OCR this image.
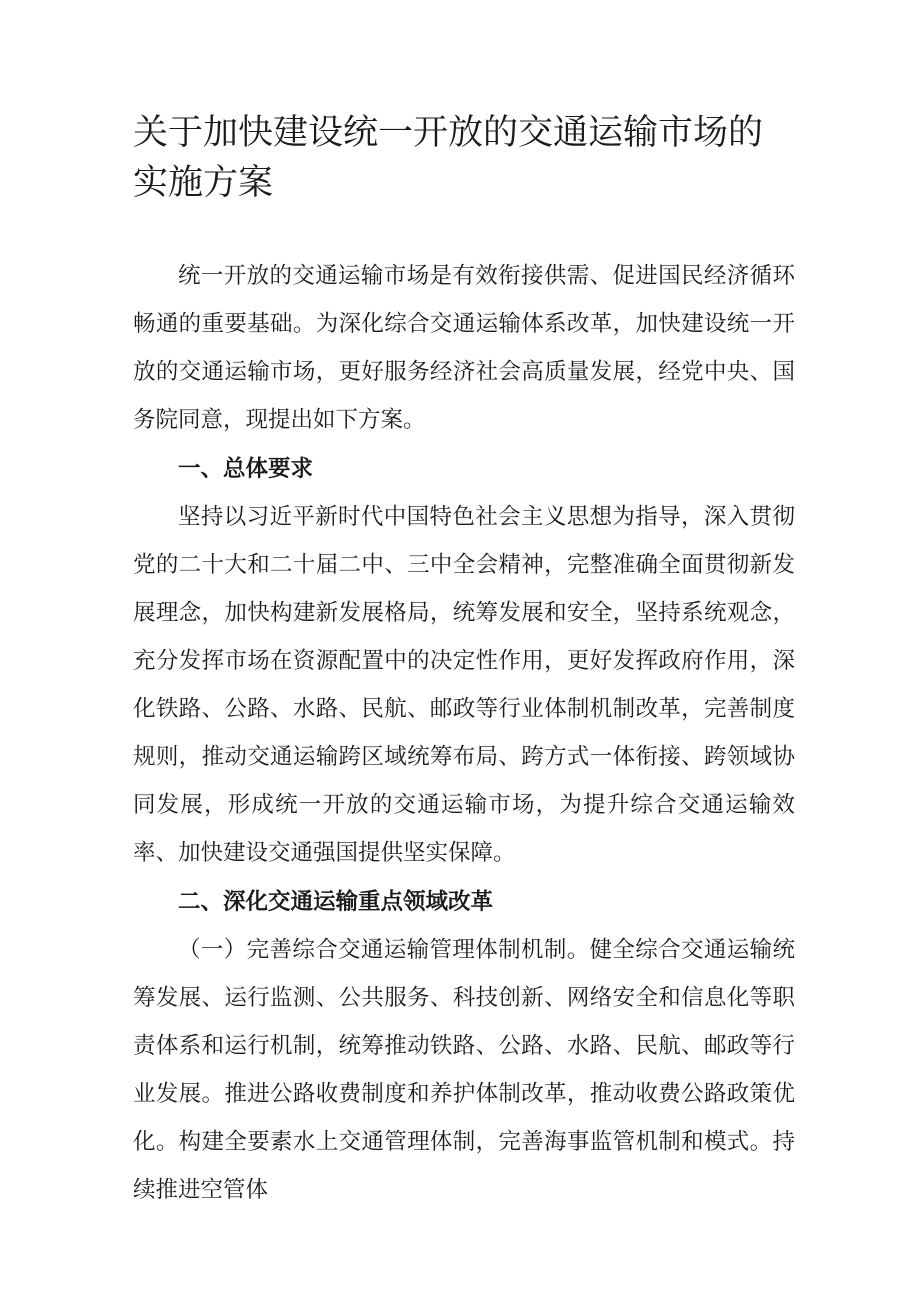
关于加快建设统一开放的交通运输市场的实施方案

统一开放的交通运输市场是有效衔接供需、促进国民经济循环畅通的重要基础。为深化综合交通运输体系改革，加快建设统一开放的交通运输市场，更好服务经济社会高质量发展，经党中央、国务院同意，现提出如下方案。

一、总体要求

坚持以习近平新时代中国特色社会主义思想为指导，深入贯彻党的二十大和二十届二中、三中全会精神，完整准确全面贯彻新发展理念，加快构建新发展格局，统筹发展和安全，坚持系统观念，充分发挥市场在资源配置中的决定性作用，更好发挥政府作用，深化铁路、公路、水路、民航、邮政等行业体制机制改革，完善制度规则，推动交通运输跨区域统筹布局、跨方式一体衔接、跨领域协同发展，形成统一开放的交通运输市场，为提升综合交通运输效率、加快建设交通强国提供坚实保障。

二、深化交通运输重点领域改革

（一）完善综合交通运输管理体制机制。健全综合交通运输统筹发展、运行监测、公共服务、科技创新、网络安全和信息化等职责体系和运行机制，统筹推动铁路、公路、水路、民航、邮政等行业发展。推进公路收费制度和养护体制改革，推动收费公路政策优化。构建全要素水上交通管理体制，完善海事监管机制和模式。持续推进空管体
